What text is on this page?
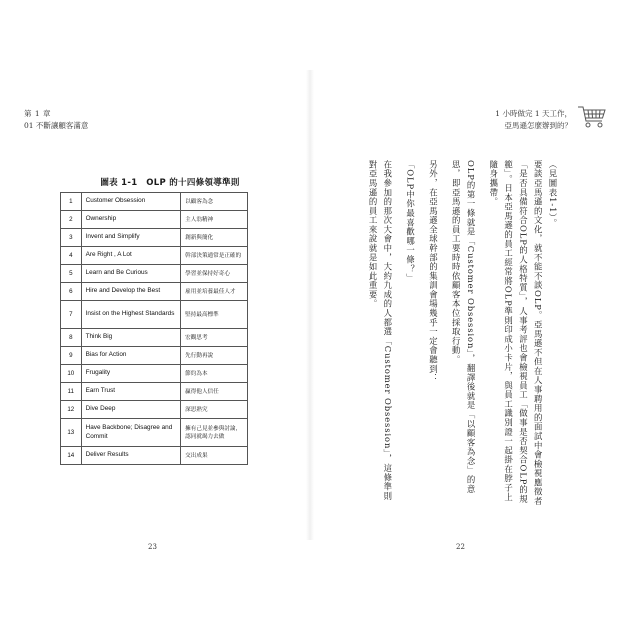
第 1 章
01 不斷讓顧客滿意
圖表 1-1　OLP 的十四條領導準則
1	Customer Obsession	以顧客為念
2	Ownership	主人翁精神
3	Invent and Simplify	創新與簡化
4	Are Right , A Lot	幹部決策通常是正確的
5	Learn and Be Curious	學習並保持好奇心
6	Hire and Develop the Best	雇用並培養最佳人才
7	Insist on the Highest Standards	堅持最高標準
8	Think Big	宏觀思考
9	Bias for Action	先行動再說
10	Frugality	節約為本
11	Earn Trust	贏得他人信任
12	Dive Deep	深思熟究
13	Have Backbone; Disagree and Commit	擁有己見並參與討論，認同就竭力去做
14	Deliver Results	交出成果
23
1 小時做完 1 天工作，
亞馬遜怎麼辦到的？

（見圖表1-1）。

要談亞馬遜的文化，就不能不談OLP。亞馬遜不但在人事聘用的面試中會檢視應徵者「是否具備符合OLP的人格特質」，人事考評也會檢視員工「做事是否契合OLP的規範」。日本亞馬遜的員工經常將OLP準則印成小卡片，與員工識別證一起掛在脖子上隨身攜帶。

OLP的第一條就是「Customer Obsession」，翻譯後就是「以顧客為念」的意思，即亞馬遜的員工要時時依顧客本位採取行動。

另外，在亞馬遜全球幹部的集訓會場幾乎一定會聽到：

「OLP中你最喜歡哪一條？」

在我參加的那次大會中，大約九成的人都選「Customer Obsession」，這條準則對亞馬遜的員工來說就是如此重要。

22
